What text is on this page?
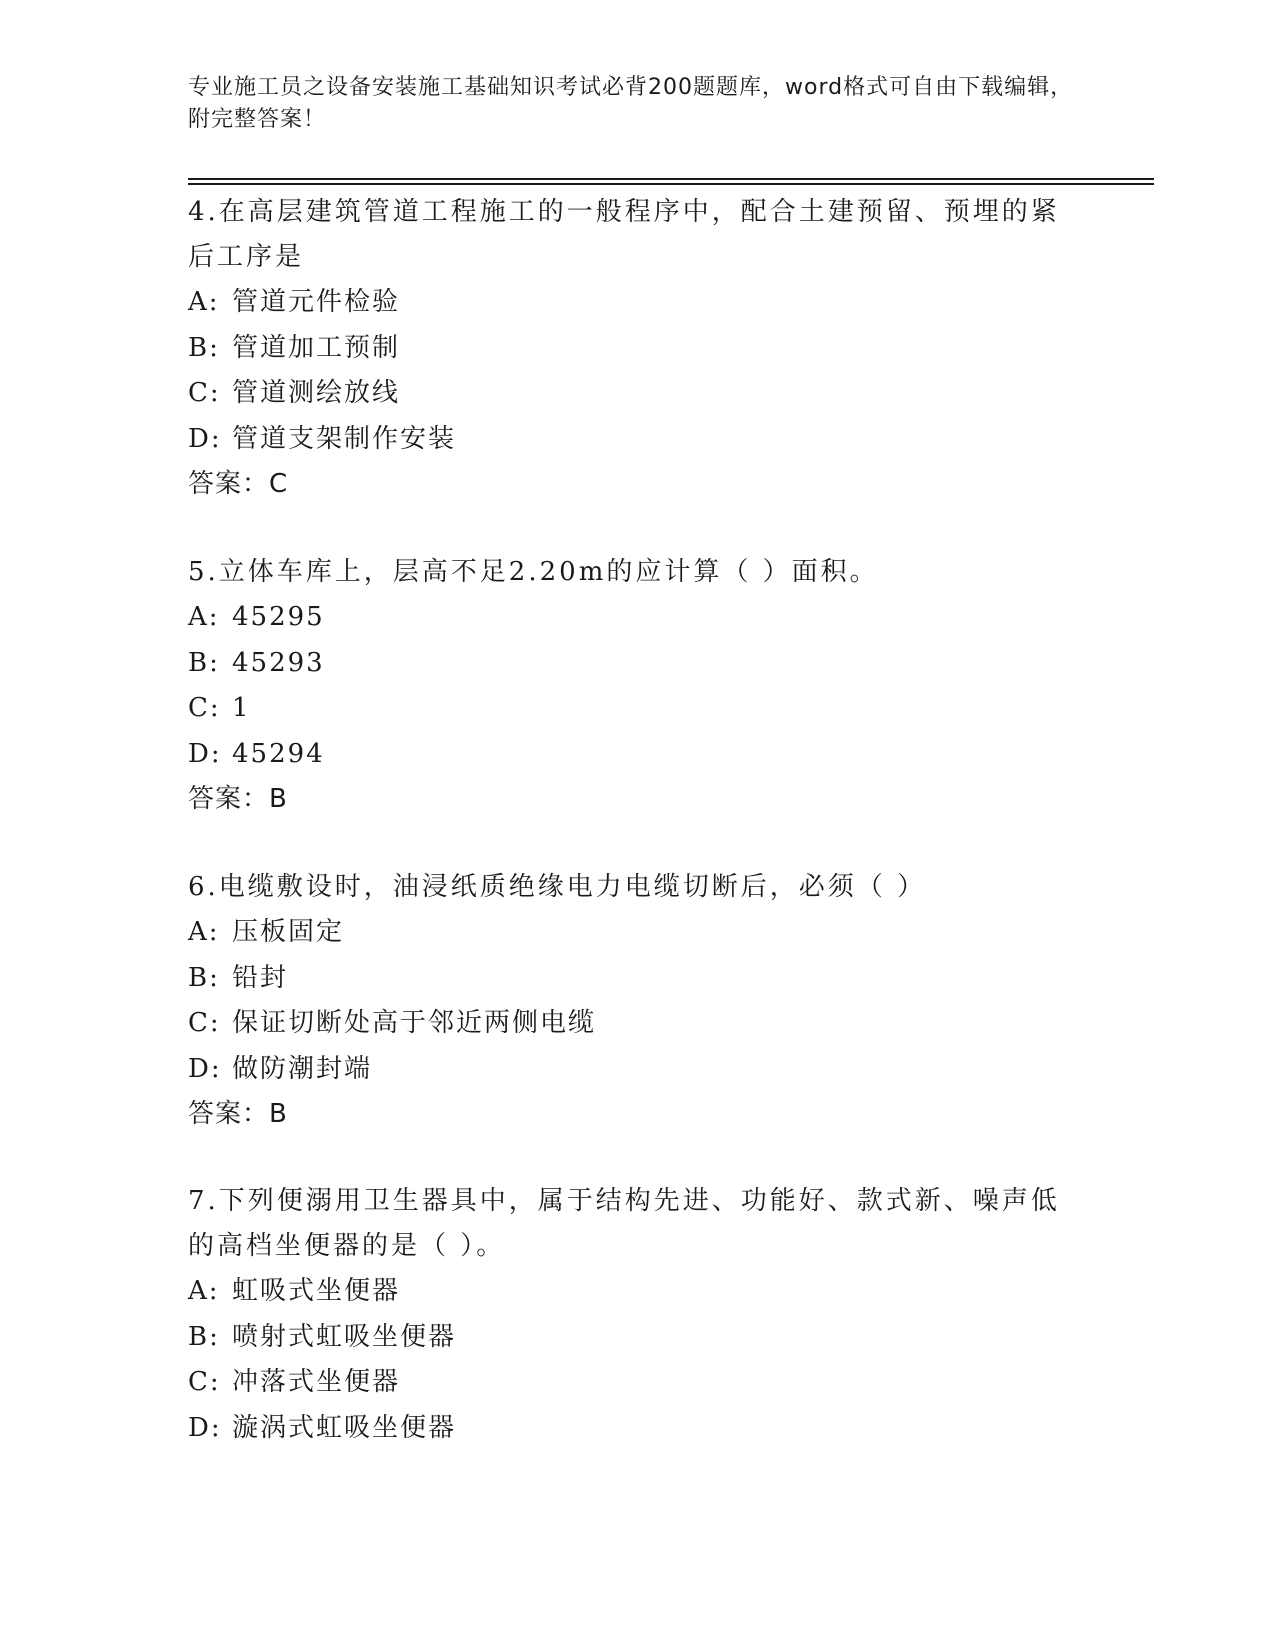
专业施工员之设备安装施工基础知识考试必背200题题库，word格式可自由下载编辑，附完整答案！
4.在高层建筑管道工程施工的一般程序中，配合土建预留、预埋的紧后工序是
A: 管道元件检验
B: 管道加工预制
C: 管道测绘放线
D: 管道支架制作安装
答案：C
5.立体车库上，层高不足2.20m的应计算（ ）面积。
A: 45295
B: 45293
C: 1
D: 45294
答案：B
6.电缆敷设时，油浸纸质绝缘电力电缆切断后，必须（ ）
A: 压板固定
B: 铅封
C: 保证切断处高于邻近两侧电缆
D: 做防潮封端
答案：B
7.下列便溺用卫生器具中，属于结构先进、功能好、款式新、噪声低的高档坐便器的是（ ）。
A: 虹吸式坐便器
B: 喷射式虹吸坐便器
C: 冲落式坐便器
D: 漩涡式虹吸坐便器
